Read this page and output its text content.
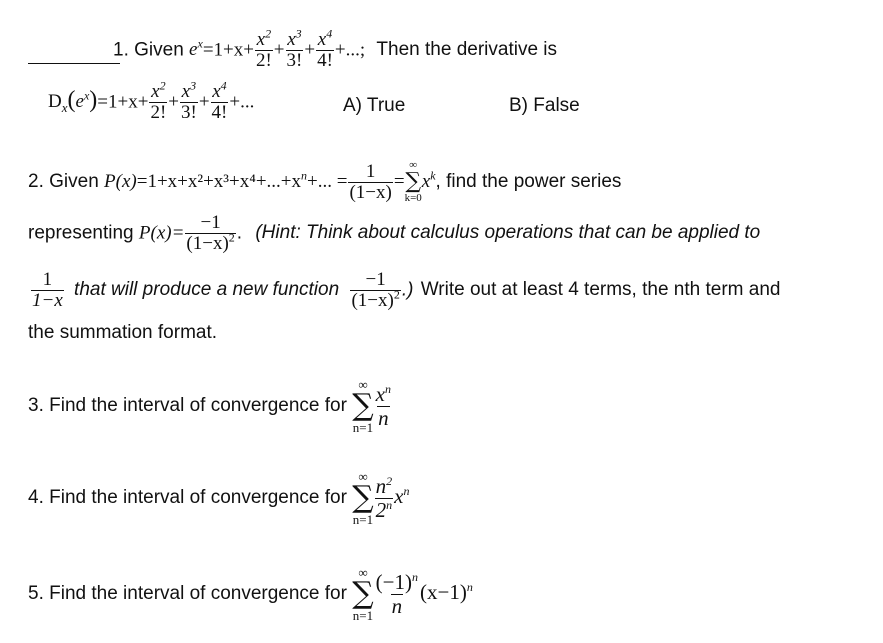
1. Given $e^x=1+x+ \frac{x^2}{2!} + \frac{x^3}{3!} + \frac{x^4}{4!}$ +...; Then the derivative is
$D_x(e^x)=1+x+ \frac{x^2}{2!} + \frac{x^3}{3!} + \frac{x^4}{4!}$ +...	A) True	B) False
2. Given $P(x)=1+x+x^2+x^3+x^4+...+x^n+$... = $\frac{1}{(1-x)}$ =
∞
∑
k=0
$x^k$, find the power series
representing $P(x)= \frac{-1}{(1-x)^2}$ . (Hint: Think about calculus operations that can be applied to
$\frac{1}{1-x}$ that will produce a new function $\frac{-1}{(1-x)^2}$ .) Write out at least 4 terms, the nth term and
the summation format.
3. Find the interval of convergence for
∞
∑
$n=1 \frac{x^n}{n}$
4. Find the interval of convergence for
∞
∑
$n=1 \frac{n^2}{2^n} x^n$
5. Find the interval of convergence for
∞
∑
$n=1 \frac{(-1)^n}{n} (x-1)^n$
